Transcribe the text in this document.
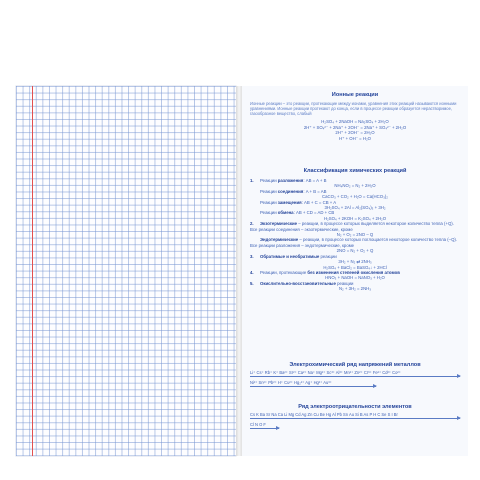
Ионные реакции

Ионные реакции – это реакции, протекающие между ионами, уравнения этих реакций называются ионными уравнениями. Ионные реакции протекают до конца, если в процессе реакции образуется нерастворимое, газообразное вещество, слабый

H₂SO₄ + 2NaOH = Na₂SO₄ + 2H₂O

2H⁺ + SO₄²⁻ + 2Na⁺ + 2OH⁻ = 2Na⁺ + SO₄²⁻ + 2H₂O

2H⁺ + 2OH⁻ = 2H₂O

H⁺ + OH⁻ = H₂O

Классификация химических реакций

1. Реакции разложения: AB = A + B

NH₄NO₂ = N₂ + 2H₂O

Реакции соединения: A + B = AB

CaCO₃ + CO₂ + H₂O = Ca(HCO₃)₂

Реакции замещения: AB + C = CB + A

3H₂SO₄ + 2Al = Al₂(SO₄)₃ + 3H₂

Реакции обмена: AB + CD = AD + CB

H₂SO₄ + 2KOH = K₂SO₄ + 2H₂O

2. Экзотермические – реакции, в процессе которых выделяется некоторое количество тепла (+Q). Все реакции соединения – экзотермические, кроме

N₂ + O₂ = 2NO – Q

Эндотермические – реакции, в процессе которых поглощается некоторое количество тепла (–Q). Все реакции разложения – эндотермические, кроме

2NO = N₂ + O₂ + Q

3. Обратимые и необратимые реакции

3H₂ + N₂ ⇄ 2NH₃

H₂SO₄ + BaCl₂ = BaSO₄↓ + 2HCl

4. Реакции, протекающие без изменения степеней окисления атомов

HNO₃ + NaOH = NaNO₃ + H₂O

5. Окислительно-восстановительные реакции

N₂ + 3H₂ = 2NH₃

Электрохимический ряд напряжений металлов

Li⁺ Cs⁺ Rb⁺ K⁺ Ba²⁺ Sr²⁺ Ca²⁺ Na⁺ Mg²⁺ Sc³⁺ Al³⁺ Mn²⁺ Zn²⁺ Cr³⁺ Fe²⁺ Cd²⁺ Co²⁺
Ni²⁺ Sn²⁺ Pb²⁺ H⁺ Cu²⁺ Hg₂²⁺ Ag⁺ Hg²⁺ Au³⁺

Ряд электроотрицательности элементов

Cs K Ba Sr Na Ca Li Mg Cd Ag Zn Cu Be Hg Al Pb Sn Au Si B As P H C Se S I Br
Cl N O F
